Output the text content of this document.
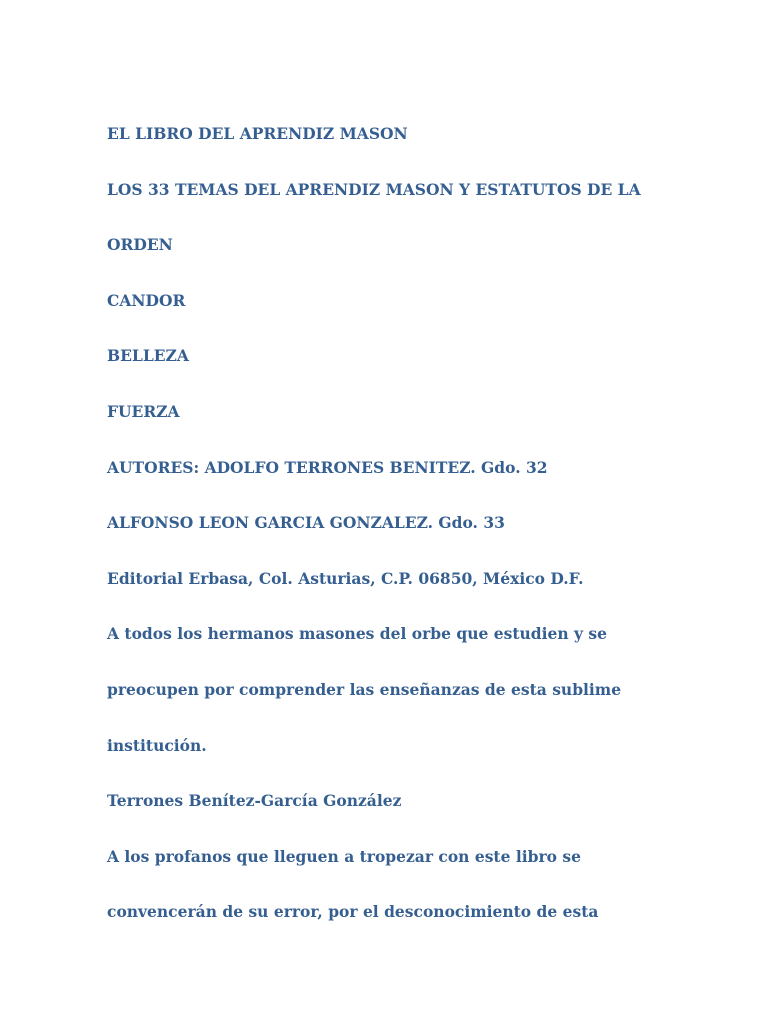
EL LIBRO DEL APRENDIZ MASON
LOS 33 TEMAS DEL APRENDIZ MASON Y ESTATUTOS DE LA
ORDEN
CANDOR
BELLEZA
FUERZA
AUTORES: ADOLFO TERRONES BENITEZ. Gdo. 32
ALFONSO LEON GARCIA GONZALEZ. Gdo. 33
Editorial Erbasa, Col. Asturias, C.P. 06850, México D.F.
A todos los hermanos masones del orbe que estudien y se
preocupen por comprender las enseñanzas de esta sublime
institución.
Terrones Benítez-García González
A los profanos que lleguen a tropezar con este libro se
convencerán de su error, por el desconocimiento de esta
